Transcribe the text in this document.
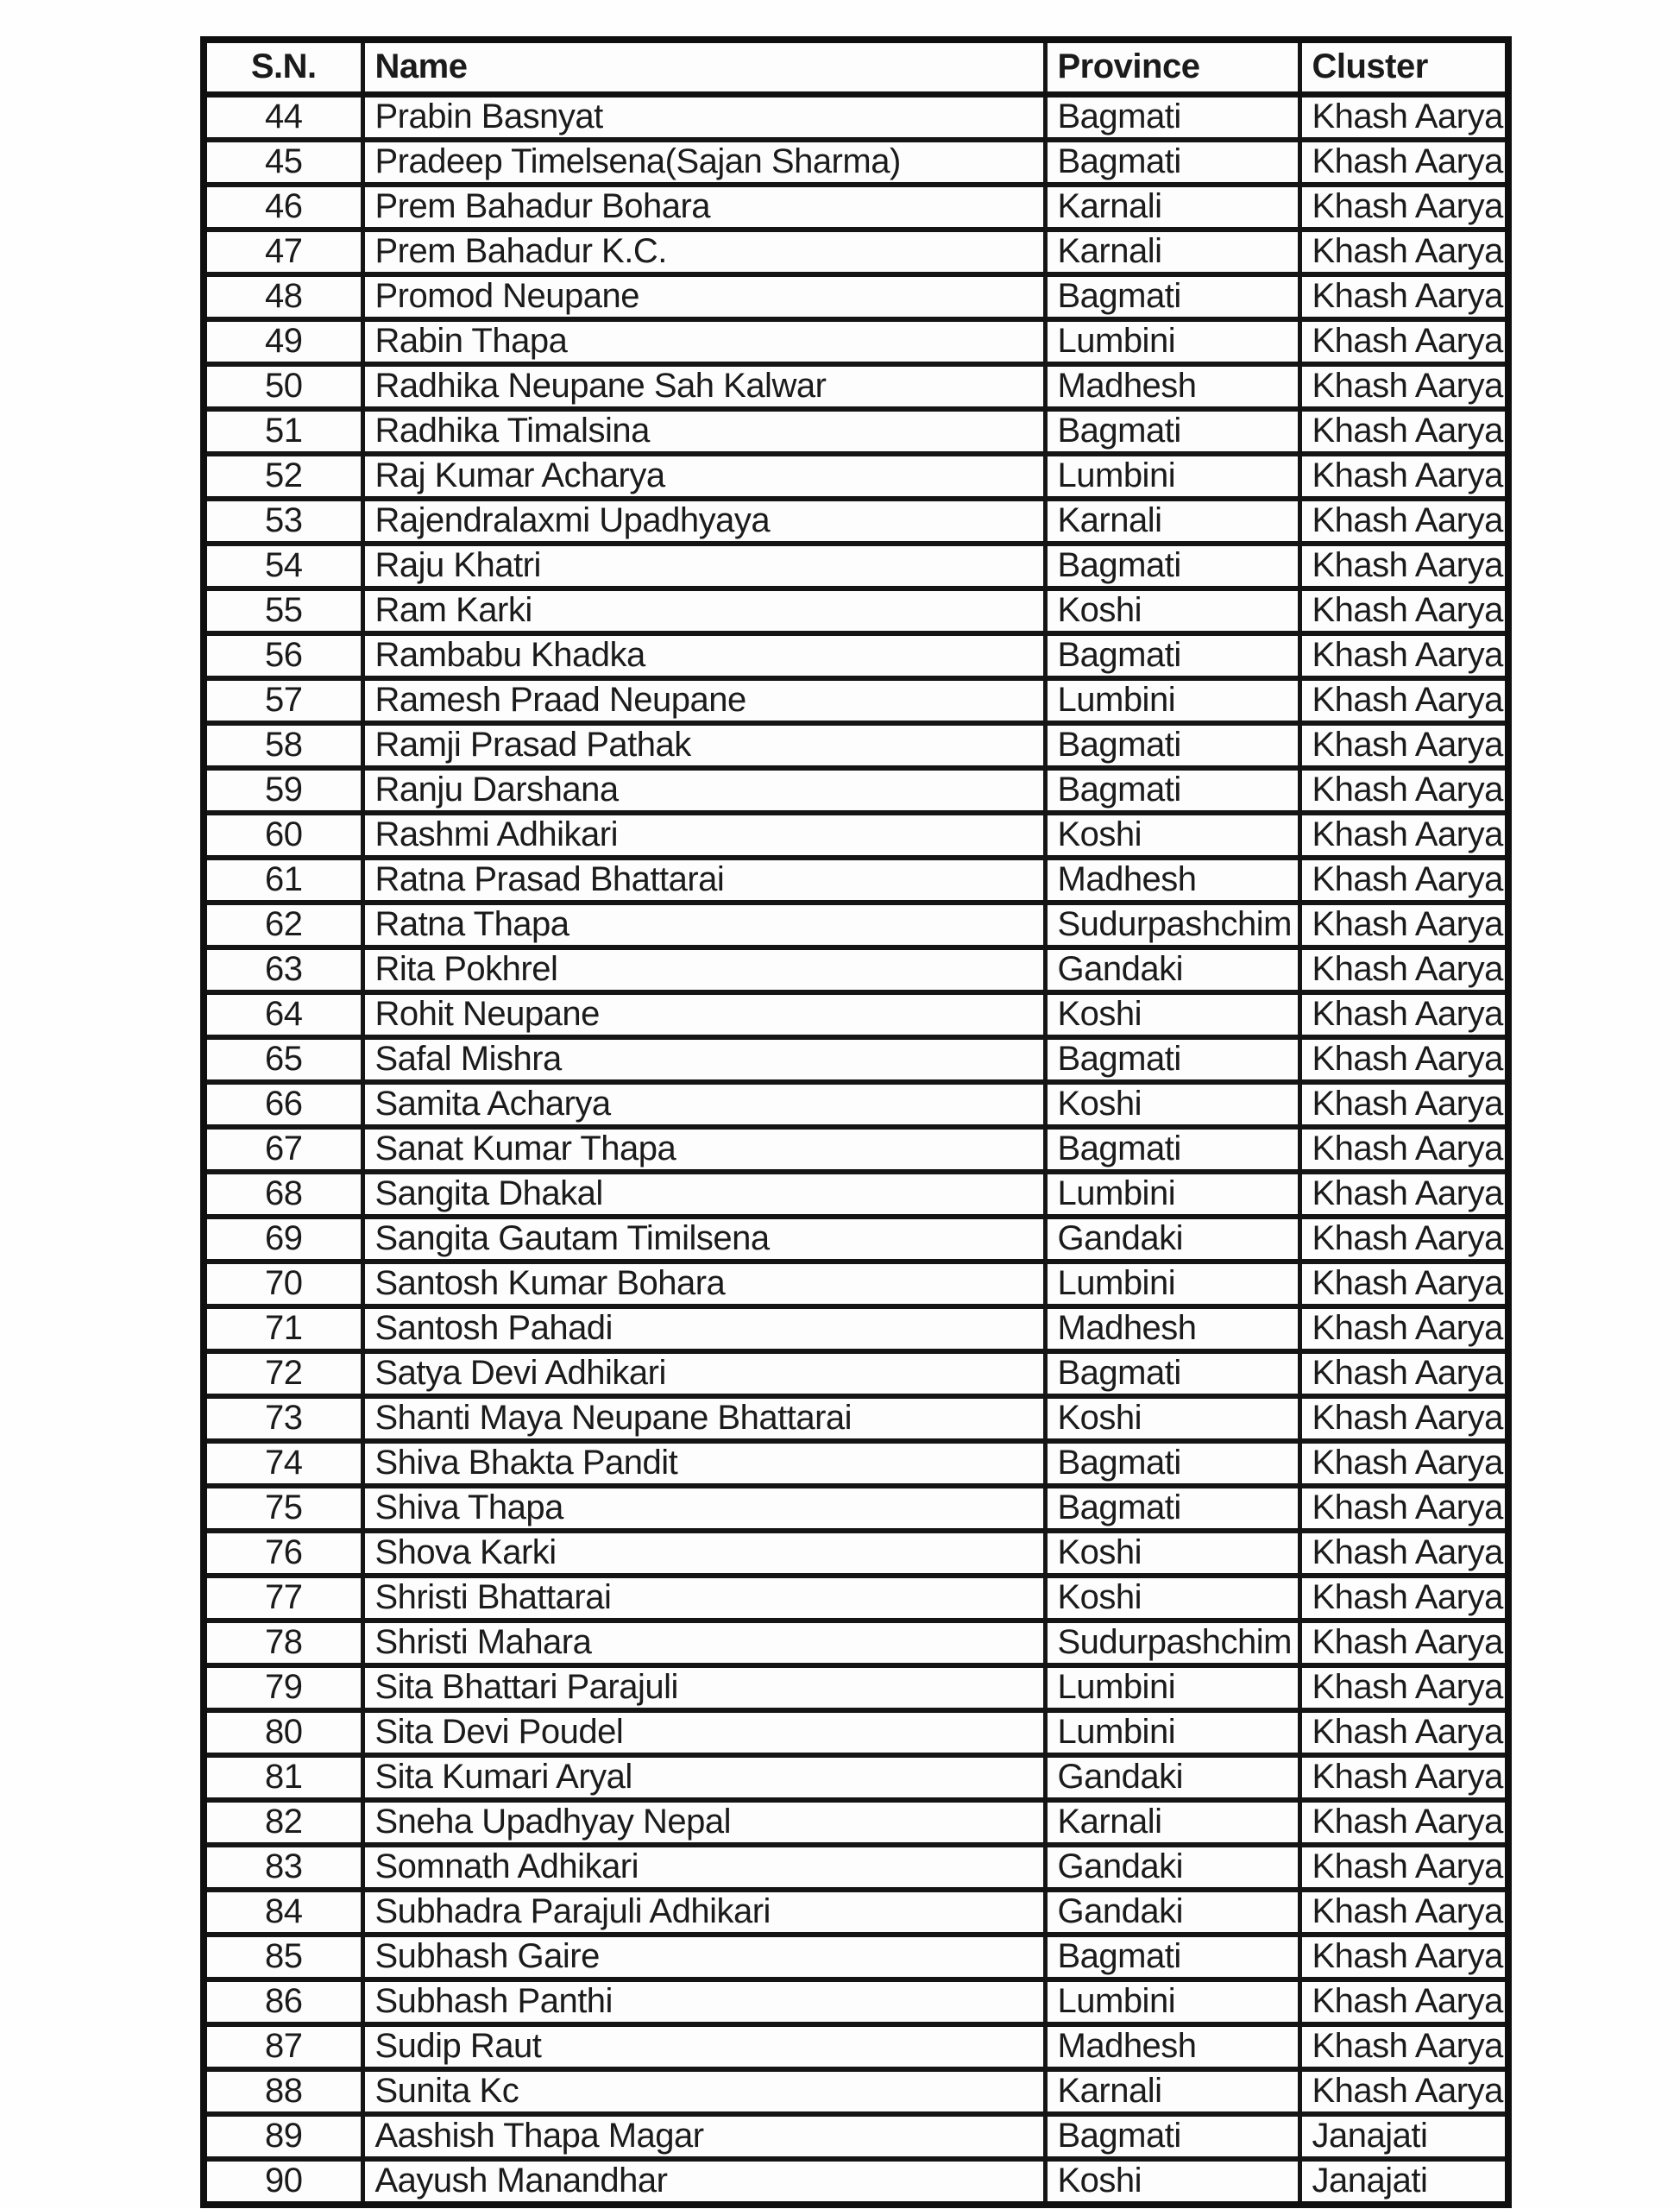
S.N.	Name	Province	Cluster
44	Prabin Basnyat	Bagmati	Khash Aarya
45	Pradeep Timelsena(Sajan Sharma)	Bagmati	Khash Aarya
46	Prem Bahadur Bohara	Karnali	Khash Aarya
47	Prem Bahadur K.C.	Karnali	Khash Aarya
48	Promod Neupane	Bagmati	Khash Aarya
49	Rabin Thapa	Lumbini	Khash Aarya
50	Radhika Neupane Sah Kalwar	Madhesh	Khash Aarya
51	Radhika Timalsina	Bagmati	Khash Aarya
52	Raj Kumar Acharya	Lumbini	Khash Aarya
53	Rajendralaxmi Upadhyaya	Karnali	Khash Aarya
54	Raju Khatri	Bagmati	Khash Aarya
55	Ram Karki	Koshi	Khash Aarya
56	Rambabu Khadka	Bagmati	Khash Aarya
57	Ramesh Praad Neupane	Lumbini	Khash Aarya
58	Ramji Prasad Pathak	Bagmati	Khash Aarya
59	Ranju Darshana	Bagmati	Khash Aarya
60	Rashmi Adhikari	Koshi	Khash Aarya
61	Ratna Prasad Bhattarai	Madhesh	Khash Aarya
62	Ratna Thapa	Sudurpashchim	Khash Aarya
63	Rita Pokhrel	Gandaki	Khash Aarya
64	Rohit Neupane	Koshi	Khash Aarya
65	Safal Mishra	Bagmati	Khash Aarya
66	Samita Acharya	Koshi	Khash Aarya
67	Sanat Kumar Thapa	Bagmati	Khash Aarya
68	Sangita Dhakal	Lumbini	Khash Aarya
69	Sangita Gautam Timilsena	Gandaki	Khash Aarya
70	Santosh Kumar Bohara	Lumbini	Khash Aarya
71	Santosh Pahadi	Madhesh	Khash Aarya
72	Satya Devi Adhikari	Bagmati	Khash Aarya
73	Shanti Maya Neupane Bhattarai	Koshi	Khash Aarya
74	Shiva Bhakta Pandit	Bagmati	Khash Aarya
75	Shiva Thapa	Bagmati	Khash Aarya
76	Shova Karki	Koshi	Khash Aarya
77	Shristi Bhattarai	Koshi	Khash Aarya
78	Shristi Mahara	Sudurpashchim	Khash Aarya
79	Sita Bhattari Parajuli	Lumbini	Khash Aarya
80	Sita Devi Poudel	Lumbini	Khash Aarya
81	Sita Kumari Aryal	Gandaki	Khash Aarya
82	Sneha Upadhyay Nepal	Karnali	Khash Aarya
83	Somnath Adhikari	Gandaki	Khash Aarya
84	Subhadra Parajuli Adhikari	Gandaki	Khash Aarya
85	Subhash Gaire	Bagmati	Khash Aarya
86	Subhash Panthi	Lumbini	Khash Aarya
87	Sudip Raut	Madhesh	Khash Aarya
88	Sunita Kc	Karnali	Khash Aarya
89	Aashish Thapa Magar	Bagmati	Janajati
90	Aayush Manandhar	Koshi	Janajati
